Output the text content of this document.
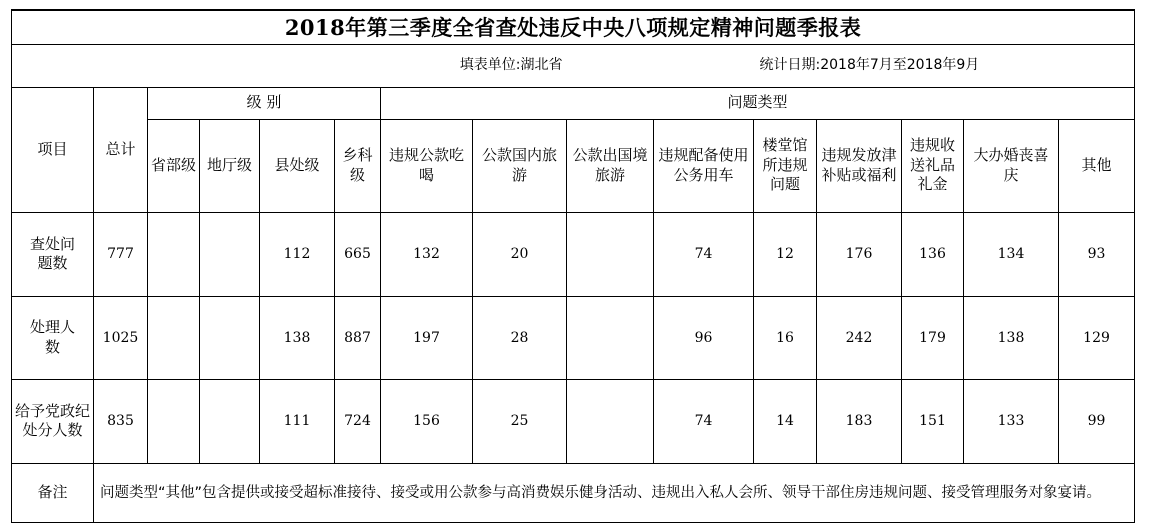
2018年第三季度全省查处违反中央八项规定精神问题季报表														
		填表单位:湖北省								统计日期:2018年7月至2018年9月				
项目	总计	级 别				问题类型								
		省部级	地厅级	县处级	乡科级	违规公款吃喝	公款国内旅游	公款出国境旅游	违规配备使用公务用车	楼堂馆所违规问题	违规发放津补贴或福利	违规收送礼品礼金	大办婚丧喜庆	其他
查处问题数	777			112	665	132	20		74	12	176	136	134	93
处理人数	1025			138	887	197	28		96	16	242	179	138	129
给予党政纪处分人数	835			111	724	156	25		74	14	183	151	133	99
备注	问题类型“其他”包含提供或接受超标准接待、接受或用公款参与高消费娱乐健身活动、违规出入私人会所、领导干部住房违规问题、接受管理服务对象宴请。													
